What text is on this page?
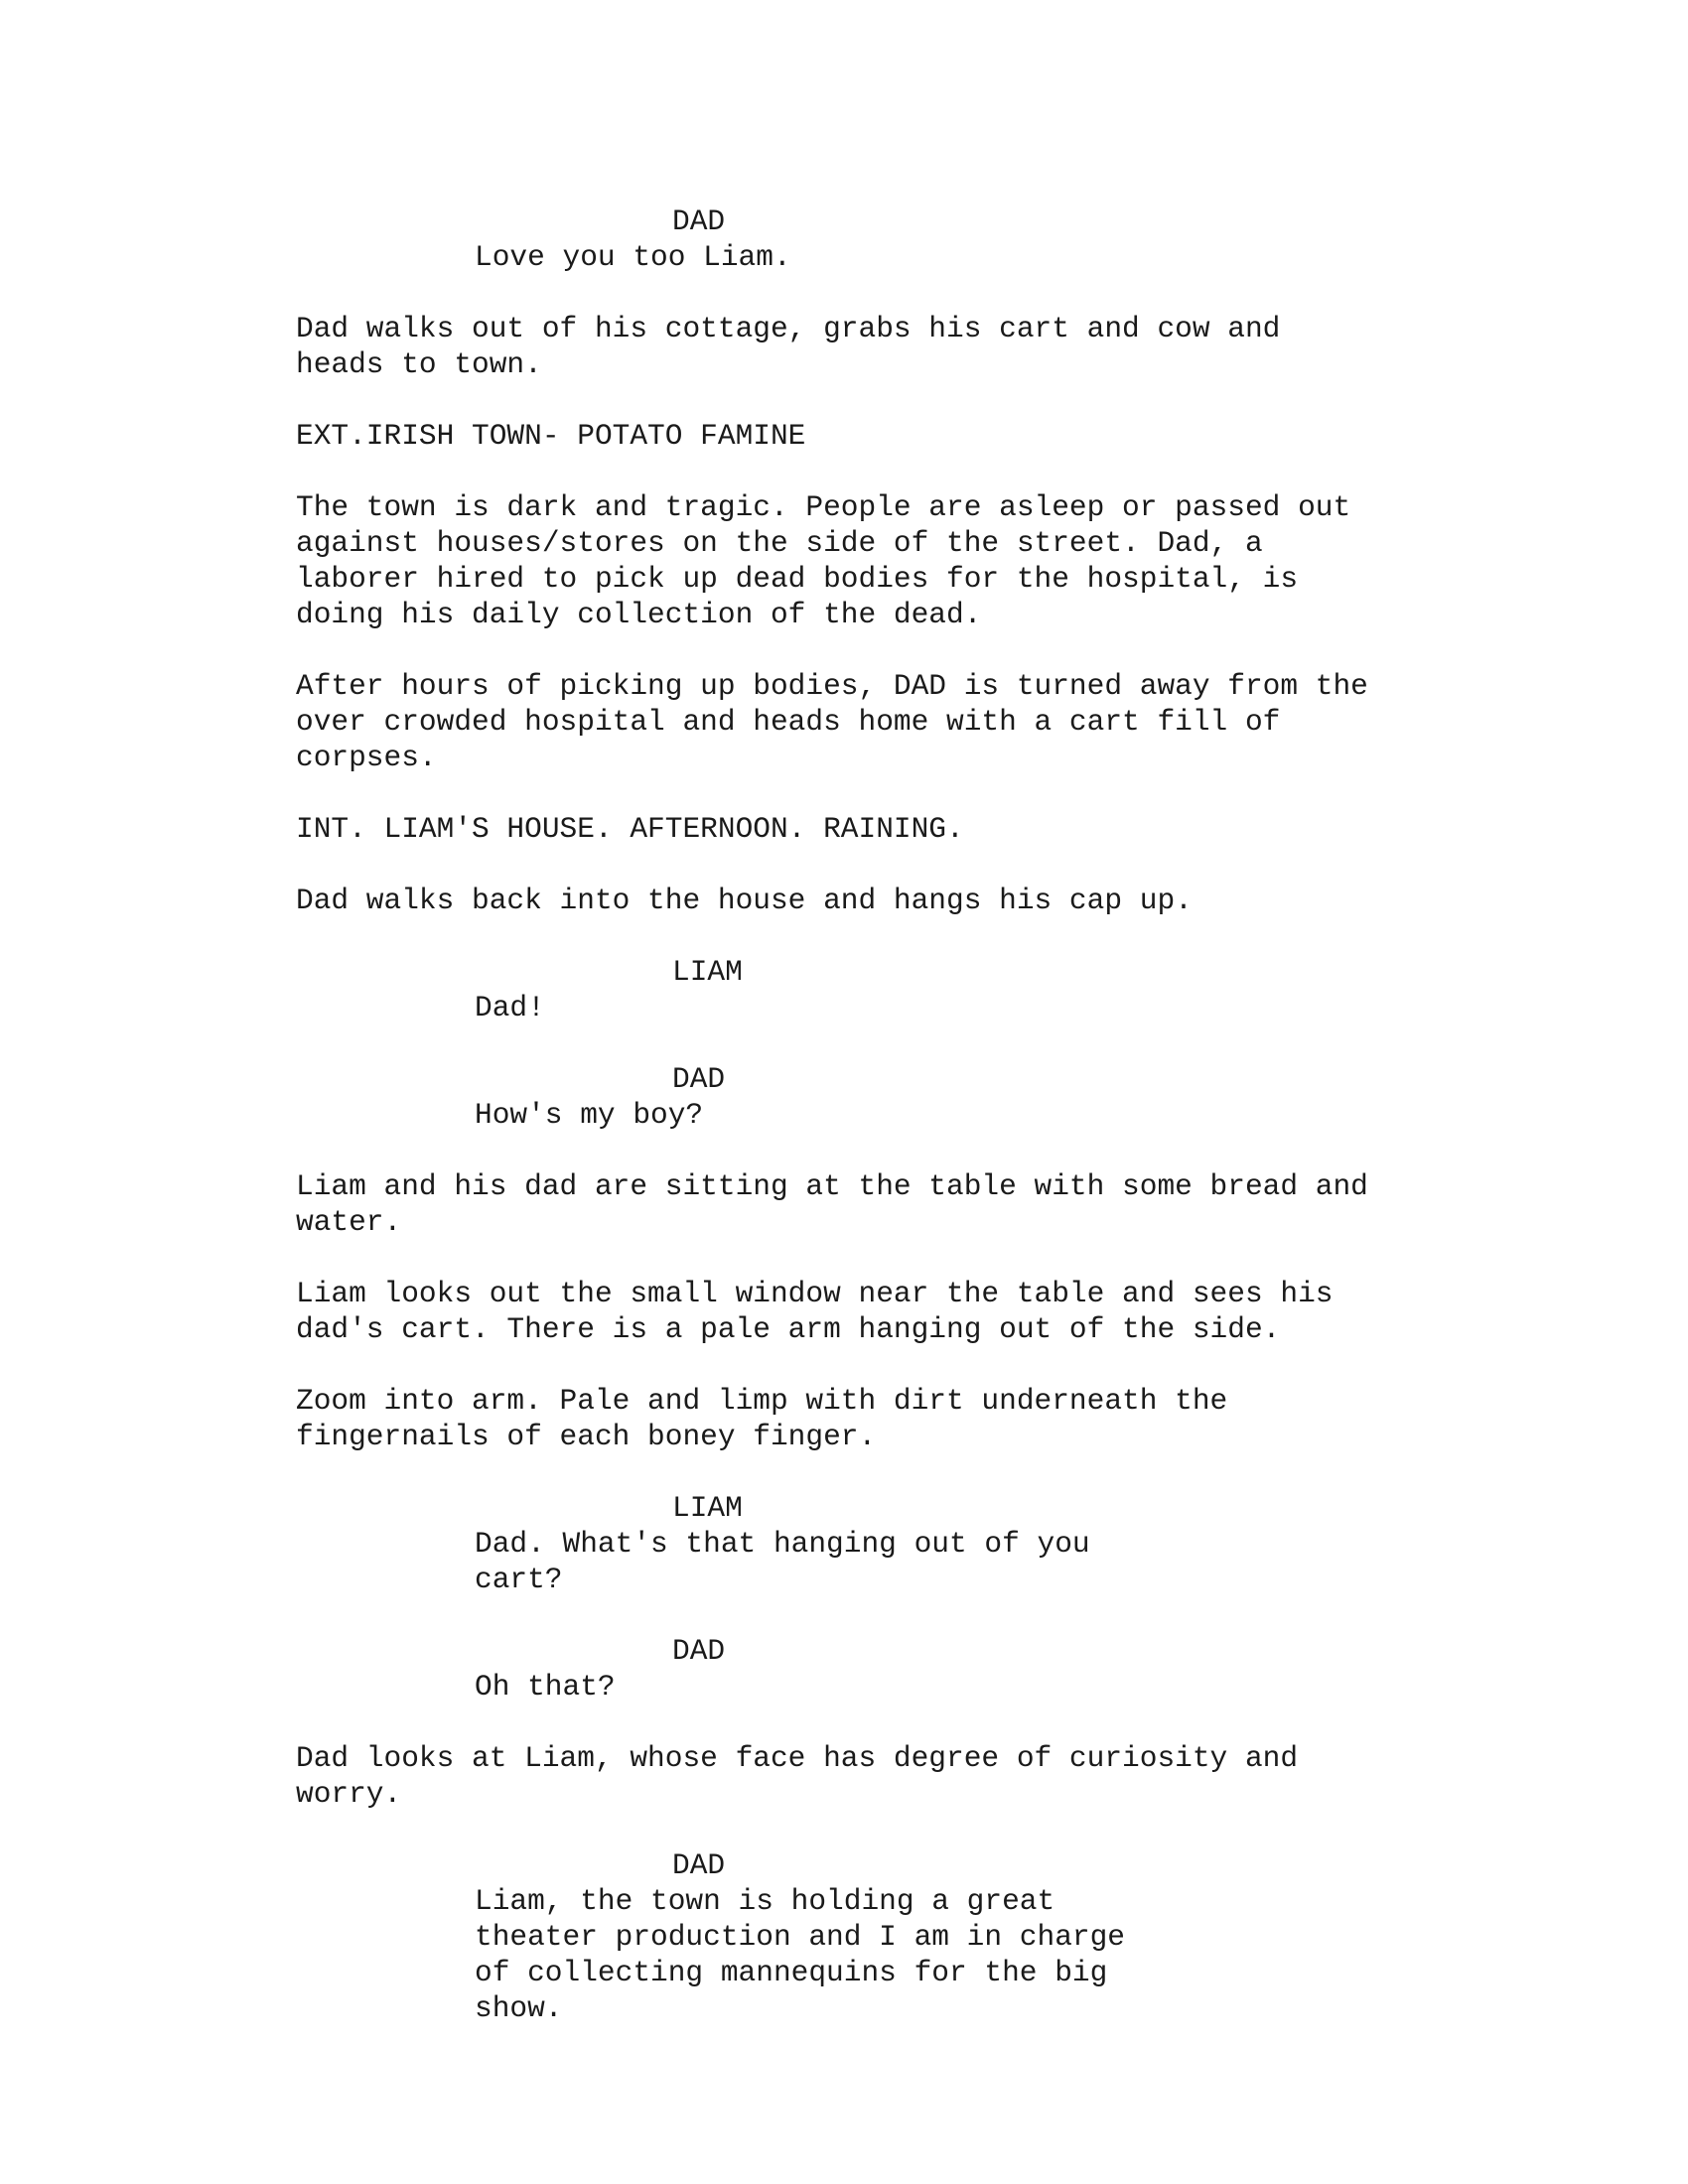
DAD
Love you too Liam.
Dad walks out of his cottage, grabs his cart and cow and
heads to town.
EXT.IRISH TOWN- POTATO FAMINE
The town is dark and tragic. People are asleep or passed out
against houses/stores on the side of the street. Dad, a
laborer hired to pick up dead bodies for the hospital, is
doing his daily collection of the dead.
After hours of picking up bodies, DAD is turned away from the
over crowded hospital and heads home with a cart fill of
corpses.
INT. LIAM'S HOUSE. AFTERNOON. RAINING.
Dad walks back into the house and hangs his cap up.
LIAM
Dad!
DAD
How's my boy?
Liam and his dad are sitting at the table with some bread and
water.
Liam looks out the small window near the table and sees his
dad's cart. There is a pale arm hanging out of the side.
Zoom into arm. Pale and limp with dirt underneath the
fingernails of each boney finger.
LIAM
Dad. What's that hanging out of you
cart?
DAD
Oh that?
Dad looks at Liam, whose face has degree of curiosity and
worry.
DAD
Liam, the town is holding a great
theater production and I am in charge
of collecting mannequins for the big
show.
